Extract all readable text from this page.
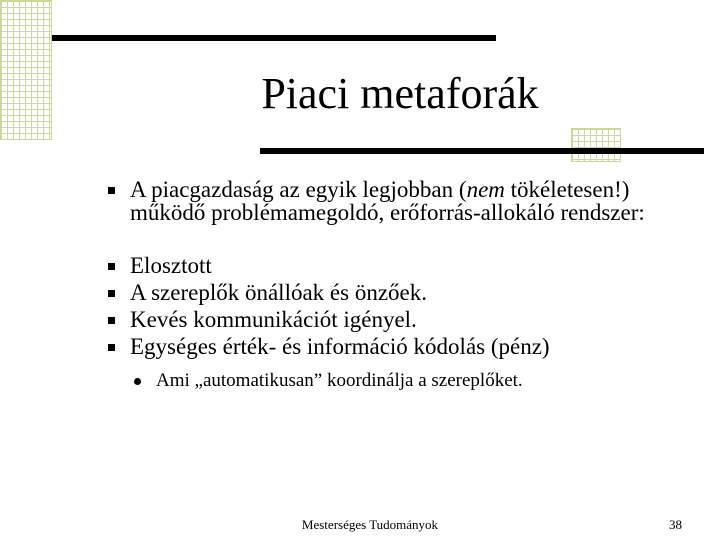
Piaci metaforák
A piacgazdaság az egyik legjobban (nem tökéletesen!) működő problémamegoldó, erőforrás-allokáló rendszer:
Elosztott
A szereplők önállóak és önzőek.
Kevés kommunikációt igényel.
Egységes érték- és információ kódolás (pénz)
Ami „automatikusan” koordinálja a szereplőket.
Mesterséges Tudományok	38
